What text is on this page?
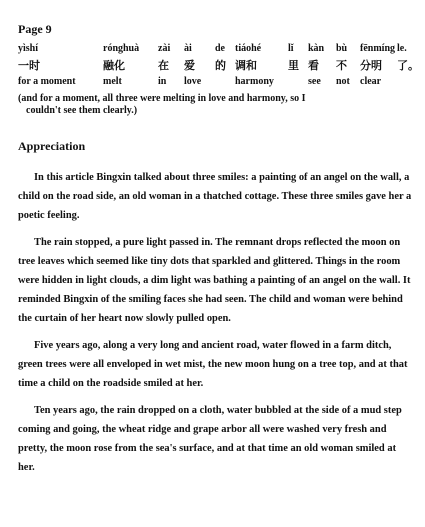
Page 9
yìshí
一时
for a moment
rónghuà
融化
melt
zài
在
in
ài
爱
love
de
的
tiáohé
调和
harmony
lǐ
里
kàn
看
see
bù
不
not
fēnmíng
分明
clear
le.
了。
(and for a moment, all three were melting in love and harmony, so I
couldn't see them clearly.)
Appreciation

In this article Bingxin talked about three smiles: a painting of an angel on the wall, a child on the road side, an old woman in a thatched cottage. These three smiles gave her a poetic feeling.

The rain stopped, a pure light passed in. The remnant drops reflected the moon on tree leaves which seemed like tiny dots that sparkled and glittered. Things in the room were hidden in light clouds, a dim light was bathing a painting of an angel on the wall. It reminded Bingxin of the smiling faces she had seen. The child and woman were behind the curtain of her heart now slowly pulled open.

Five years ago, along a very long and ancient road, water flowed in a farm ditch, green trees were all enveloped in wet mist, the new moon hung on a tree top, and at that time a child on the roadside smiled at her.

Ten years ago, the rain dropped on a cloth, water bubbled at the side of a mud step coming and going, the wheat ridge and grape arbor all were washed very fresh and pretty, the moon rose from the sea's surface, and at that time an old woman smiled at her.
